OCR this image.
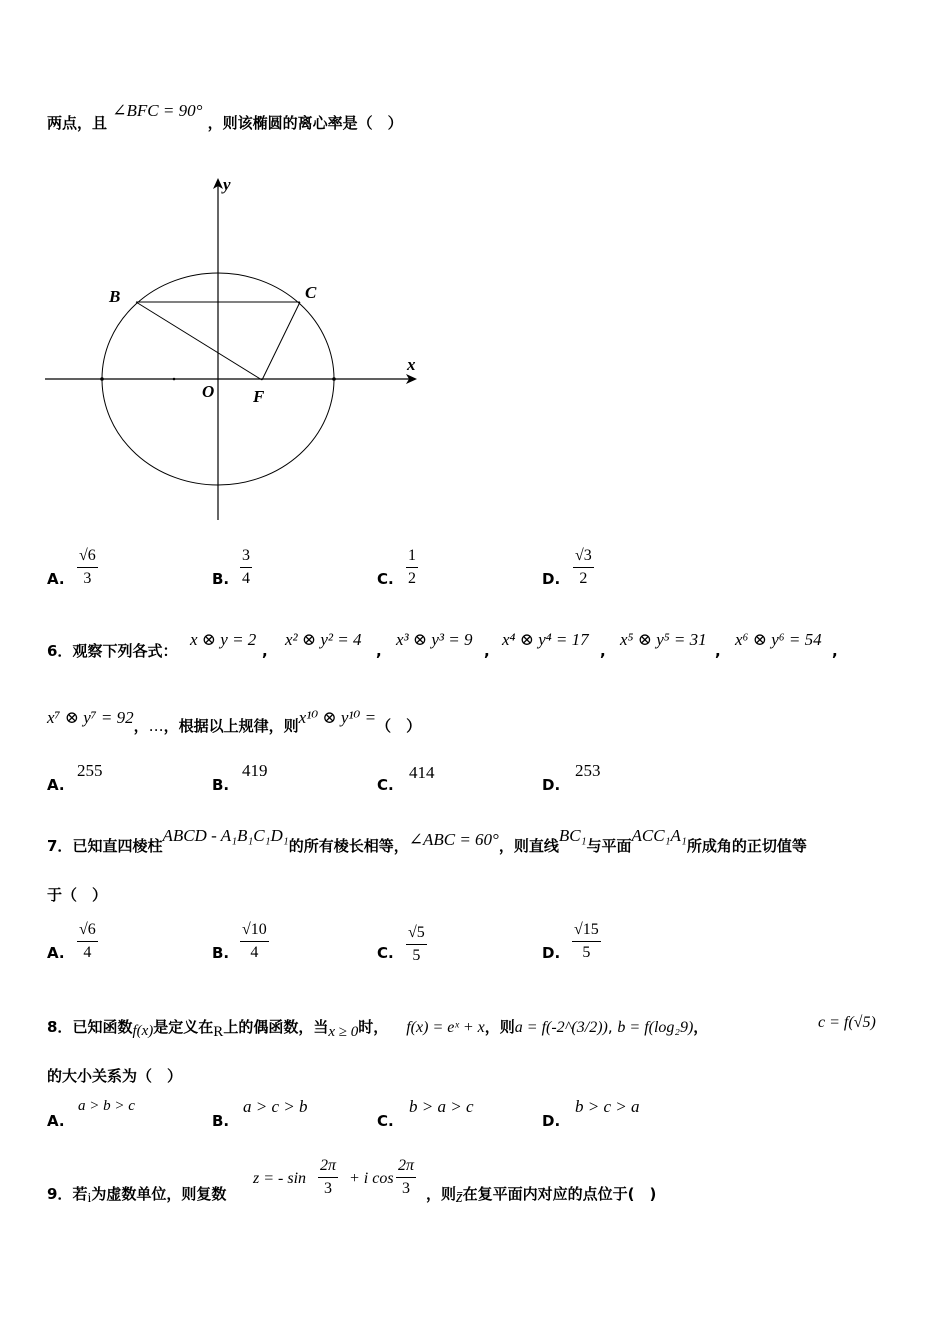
两点，且 ∠BFC = 90° ，则该椭圆的离心率是（　）
y
x
B	C
O F
A. $\frac{√6}{3}$	B. $\frac{3}{4}$	C. $\frac{1}{2}$	D. $\frac{√3}{2}$
6．观察下列各式：
x ⊗ y = 2
,
x² ⊗ y² = 4
,
x³ ⊗ y³ = 9
,
x⁴ ⊗ y⁴ = 17
,
x⁵ ⊗ y⁵ = 31
,
x⁶ ⊗ y⁶ = 54
,
x⁷ ⊗ y⁷ = 92，…，根据以上规律，则x¹⁰ ⊗ y¹⁰ =（　）
A.
255
B.
419
C.
414
D.
253
7．已知直四棱柱ABCD - A₁B₁C₁D₁的所有棱长相等，∠ABC = 60°，则直线BC₁与平面ACC₁A₁所成角的正切值等
于（　）
A. $\frac{√6}{4}$	B. $\frac{√10}{4}$	C. $\frac{√5}{5}$	D. $\frac{√15}{5}$
8．已知函数f(x)是定义在R上的偶函数，当x ≥ 0时， f(x) = eˣ + x，则a = f(-2^(3/2)), b = f(log₂9)，	c = f(√5)
的大小关系为（　）
A.
a > b > c
B.
a > c > b
C.
b > a > c
D.
b > c > a
9．若i为虚数单位，则复数
z = - $\sin \frac{2\pi}{3} + i$ $\cos \frac{2\pi}{3}$ ，则z̄在复平面内对应的点位于(　)
